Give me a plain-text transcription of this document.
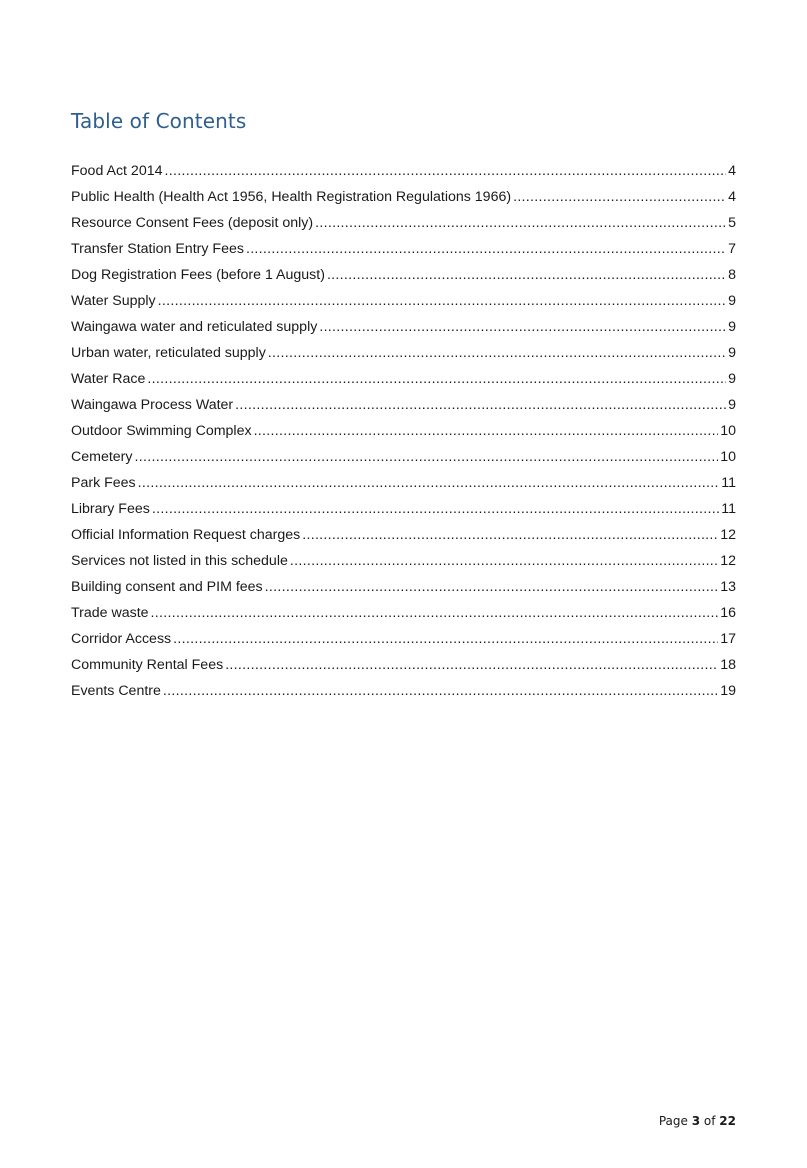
Table of Contents
Food Act 2014 .....	4
Public Health (Health Act 1956, Health Registration Regulations 1966) .....	4
Resource Consent Fees (deposit only) .....	5
Transfer Station Entry Fees .....	7
Dog Registration Fees (before 1 August) .....	8
Water Supply .....	9
Waingawa water and reticulated supply .....	9
Urban water, reticulated supply .....	9
Water Race .....	9
Waingawa Process Water .....	9
Outdoor Swimming Complex .....	10
Cemetery .....	10
Park Fees .....	11
Library Fees .....	11
Official Information Request charges .....	12
Services not listed in this schedule .....	12
Building consent and PIM fees .....	13
Trade waste .....	16
Corridor Access .....	17
Community Rental Fees .....	18
Events Centre .....	19
Page 3 of 22
